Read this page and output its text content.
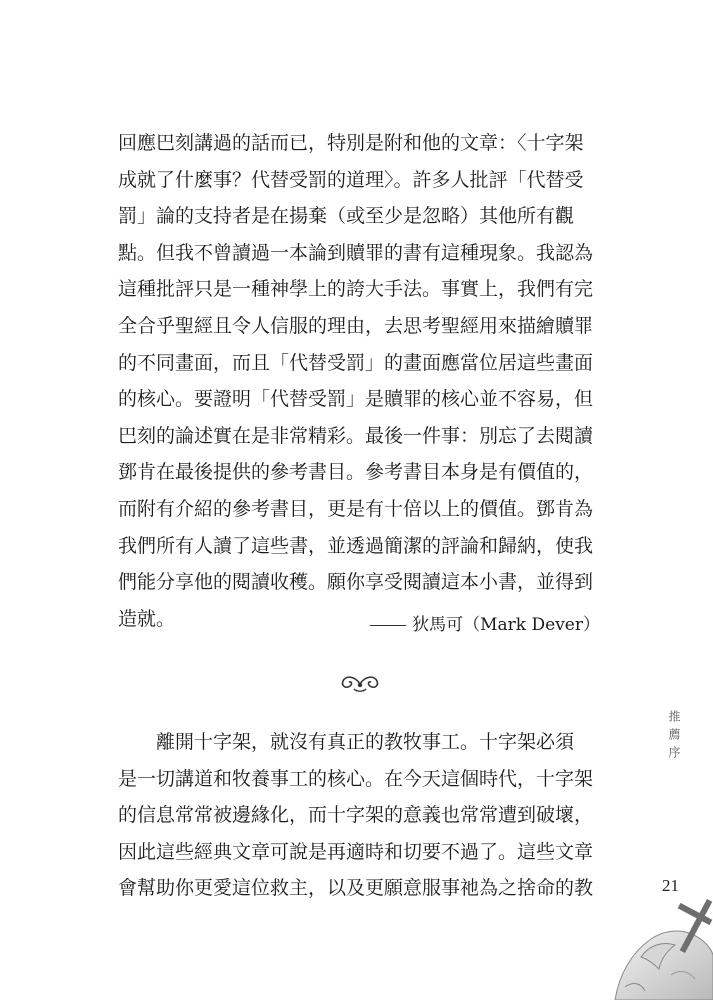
回應巴刻講過的話而已，特別是附和他的文章：〈十字架
成就了什麼事？代替受罰的道理〉。許多人批評「代替受
罰」論的支持者是在揚棄（或至少是忽略）其他所有觀
點。但我不曾讀過一本論到贖罪的書有這種現象。我認為
這種批評只是一種神學上的誇大手法。事實上，我們有完
全合乎聖經且令人信服的理由，去思考聖經用來描繪贖罪
的不同畫面，而且「代替受罰」的畫面應當位居這些畫面
的核心。要證明「代替受罰」是贖罪的核心並不容易，但
巴刻的論述實在是非常精彩。最後一件事：別忘了去閱讀
鄧肯在最後提供的參考書目。參考書目本身是有價值的，
而附有介紹的參考書目，更是有十倍以上的價值。鄧肯為
我們所有人讀了這些書，並透過簡潔的評論和歸納，使我
們能分享他的閱讀收穫。願你享受閱讀這本小書，並得到
造就。	狄馬可（Mark Dever）
離開十字架，就沒有真正的教牧事工。十字架必須
是一切講道和牧養事工的核心。在今天這個時代，十字架
的信息常常被邊緣化，而十字架的意義也常常遭到破壞，
因此這些經典文章可說是再適時和切要不過了。這些文章
會幫助你更愛這位救主，以及更願意服事祂為之捨命的教
推薦序
21
